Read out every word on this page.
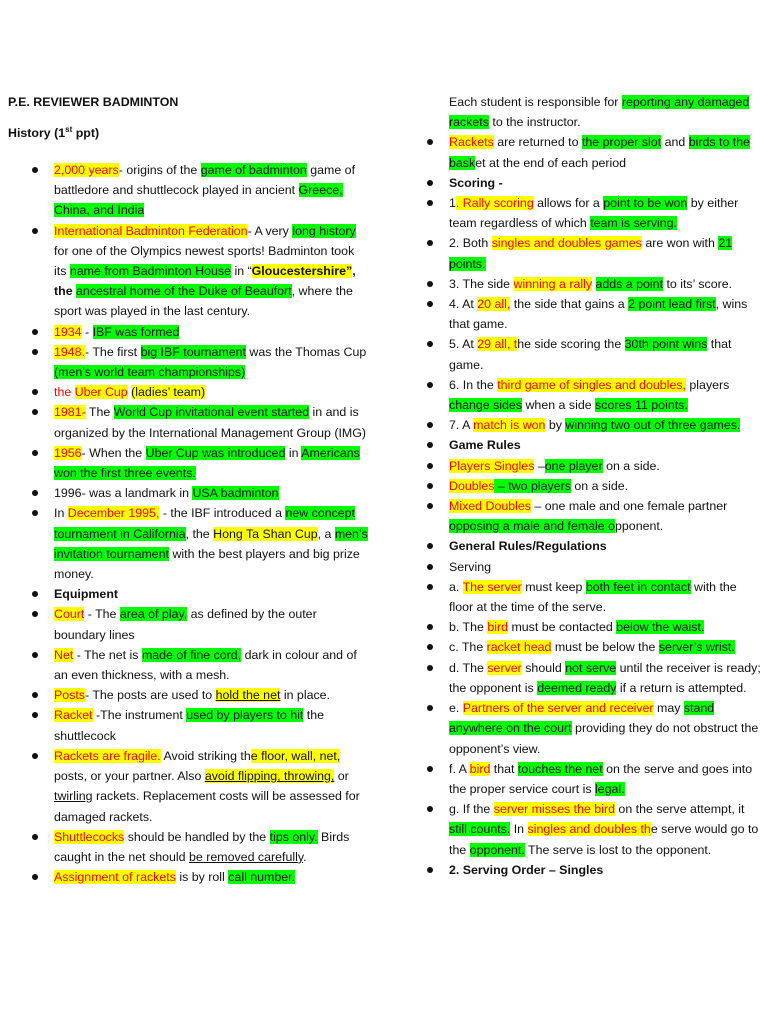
P.E. REVIEWER BADMINTON
History (1st ppt)
2,000 years- origins of the game of badminton game of battledore and shuttlecock played in ancient Greece, China, and India
International Badminton Federation- A very long history for one of the Olympics newest sports! Badminton took its name from Badminton House in “Gloucestershire”, the ancestral home of the Duke of Beaufort, where the sport was played in the last century.
1934 - IBF was formed
1948.- The first big IBF tournament was the Thomas Cup (men’s world team championships)
the Uber Cup (ladies’ team)
1981- The World Cup invitational event started in and is organized by the International Management Group (IMG)
1956- When the Uber Cup was introduced in Americans won the first three events.
1996- was a landmark in USA badminton
In December 1995, - the IBF introduced a new concept tournament in California, the Hong Ta Shan Cup, a men’s invitation tournament with the best players and big prize money.
Equipment
Court - The area of play, as defined by the outer boundary lines
Net - The net is made of fine cord, dark in colour and of an even thickness, with a mesh.
Posts- The posts are used to hold the net in place.
Racket -The instrument used by players to hit the shuttlecock
Rackets are fragile. Avoid striking the floor, wall, net, posts, or your partner. Also avoid flipping, throwing, or twirling rackets. Replacement costs will be assessed for damaged rackets.
Shuttlecocks should be handled by the tips only. Birds caught in the net should be removed carefully.
Assignment of rackets is by roll call number.

Each student is responsible for reporting any damaged rackets to the instructor.

Rackets are returned to the proper slot and birds to the basket at the end of each period
Scoring -
1. Rally scoring allows for a point to be won by either team regardless of which team is serving.
2. Both singles and doubles games are won with 21 points.
3. The side winning a rally adds a point to its’ score.
4. At 20 all, the side that gains a 2 point lead first, wins that game.
5. At 29 all, the side scoring the 30th point wins that game.
6. In the third game of singles and doubles, players change sides when a side scores 11 points.
7. A match is won by winning two out of three games.
Game Rules
Players Singles –one player on a side.
Doubles – two players on a side.
Mixed Doubles – one male and one female partner opposing a male and female opponent.
General Rules/Regulations
Serving
a. The server must keep both feet in contact with the floor at the time of the serve.
b. The bird must be contacted below the waist.
c. The racket head must be below the server’s wrist.
d. The server should not serve until the receiver is ready; the opponent is deemed ready if a return is attempted.
e. Partners of the server and receiver may stand anywhere on the court providing they do not obstruct the opponent’s view.
f. A bird that touches the net on the serve and goes into the proper service court is legal.
g. If the server misses the bird on the serve attempt, it still counts. In singles and doubles the serve would go to the opponent. The serve is lost to the opponent.
2. Serving Order – Singles
